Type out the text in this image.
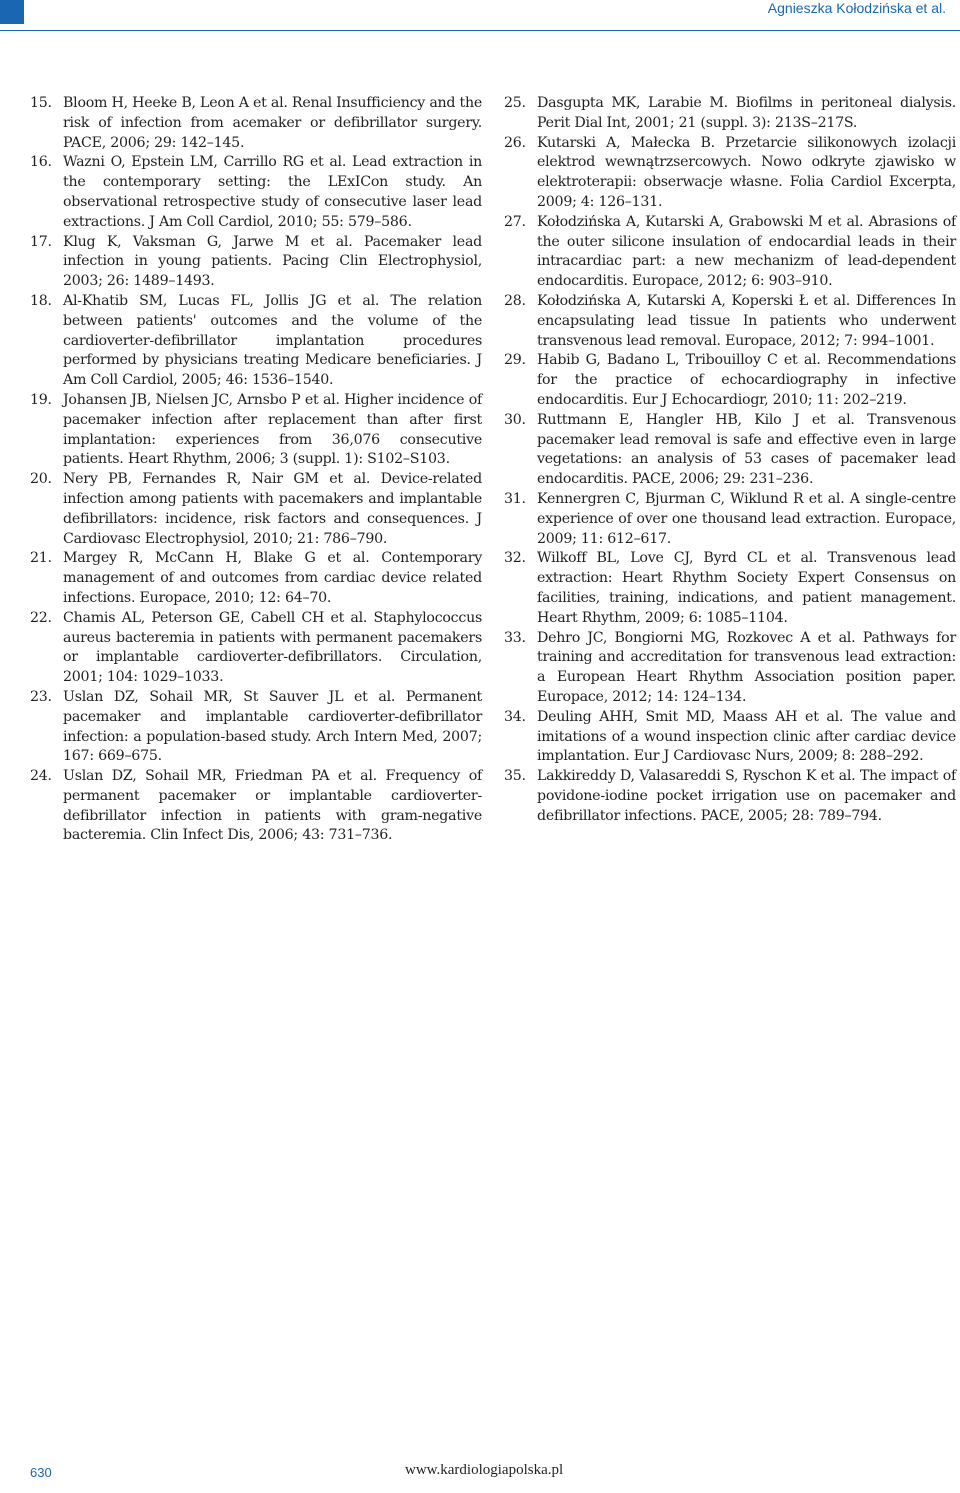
Agnieszka Kołodzińska et al.
15. Bloom H, Heeke B, Leon A et al. Renal Insufficiency and the risk of infection from acemaker or defibrillator surgery. PACE, 2006; 29: 142–145.
16. Wazni O, Epstein LM, Carrillo RG et al. Lead extraction in the contemporary setting: the LExICon study. An observational retrospective study of consecutive laser lead extractions. J Am Coll Cardiol, 2010; 55: 579–586.
17. Klug K, Vaksman G, Jarwe M et al. Pacemaker lead infection in young patients. Pacing Clin Electrophysiol, 2003; 26: 1489–1493.
18. Al-Khatib SM, Lucas FL, Jollis JG et al. The relation between patients' outcomes and the volume of the cardioverter-defibrillator implantation procedures performed by physicians treating Medicare beneficiaries. J Am Coll Cardiol, 2005; 46: 1536–1540.
19. Johansen JB, Nielsen JC, Arnsbo P et al. Higher incidence of pacemaker infection after replacement than after first implantation: experiences from 36,076 consecutive patients. Heart Rhythm, 2006; 3 (suppl. 1): S102–S103.
20. Nery PB, Fernandes R, Nair GM et al. Device-related infection among patients with pacemakers and implantable defibrillators: incidence, risk factors and consequences. J Cardiovasc Electrophysiol, 2010; 21: 786–790.
21. Margey R, McCann H, Blake G et al. Contemporary management of and outcomes from cardiac device related infections. Europace, 2010; 12: 64–70.
22. Chamis AL, Peterson GE, Cabell CH et al. Staphylococcus aureus bacteremia in patients with permanent pacemakers or implantable cardioverter-defibrillators. Circulation, 2001; 104: 1029–1033.
23. Uslan DZ, Sohail MR, St Sauver JL et al. Permanent pacemaker and implantable cardioverter-defibrillator infection: a population-based study. Arch Intern Med, 2007; 167: 669–675.
24. Uslan DZ, Sohail MR, Friedman PA et al. Frequency of permanent pacemaker or implantable cardioverter-defibrillator infection in patients with gram-negative bacteremia. Clin Infect Dis, 2006; 43: 731–736.
25. Dasgupta MK, Larabie M. Biofilms in peritoneal dialysis. Perit Dial Int, 2001; 21 (suppl. 3): 213S–217S.
26. Kutarski A, Małecka B. Przetarcie silikonowych izolacji elektrod wewnątrzsercowych. Nowo odkryte zjawisko w elektroterapii: obserwacje własne. Folia Cardiol Excerpta, 2009; 4: 126–131.
27. Kołodzińska A, Kutarski A, Grabowski M et al. Abrasions of the outer silicone insulation of endocardial leads in their intracardiac part: a new mechanizm of lead-dependent endocarditis. Europace, 2012; 6: 903–910.
28. Kołodzińska A, Kutarski A, Koperski Ł et al. Differences In encapsulating lead tissue In patients who underwent transvenous lead removal. Europace, 2012; 7: 994–1001.
29. Habib G, Badano L, Tribouilloy C et al. Recommendations for the practice of echocardiography in infective endocarditis. Eur J Echocardiogr, 2010; 11: 202–219.
30. Ruttmann E, Hangler HB, Kilo J et al. Transvenous pacemaker lead removal is safe and effective even in large vegetations: an analysis of 53 cases of pacemaker lead endocarditis. PACE, 2006; 29: 231–236.
31. Kennergren C, Bjurman C, Wiklund R et al. A single-centre experience of over one thousand lead extraction. Europace, 2009; 11: 612–617.
32. Wilkoff BL, Love CJ, Byrd CL et al. Transvenous lead extraction: Heart Rhythm Society Expert Consensus on facilities, training, indications, and patient management. Heart Rhythm, 2009; 6: 1085–1104.
33. Dehro JC, Bongiorni MG, Rozkovec A et al. Pathways for training and accreditation for transvenous lead extraction: a European Heart Rhythm Association position paper. Europace, 2012; 14: 124–134.
34. Deuling AHH, Smit MD, Maass AH et al. The value and imitations of a wound inspection clinic after cardiac device implantation. Eur J Cardiovasc Nurs, 2009; 8: 288–292.
35. Lakkireddy D, Valasareddi S, Ryschon K et al. The impact of povidone-iodine pocket irrigation use on pacemaker and defibrillator infections. PACE, 2005; 28: 789–794.
630	www.kardiologiapolska.pl
